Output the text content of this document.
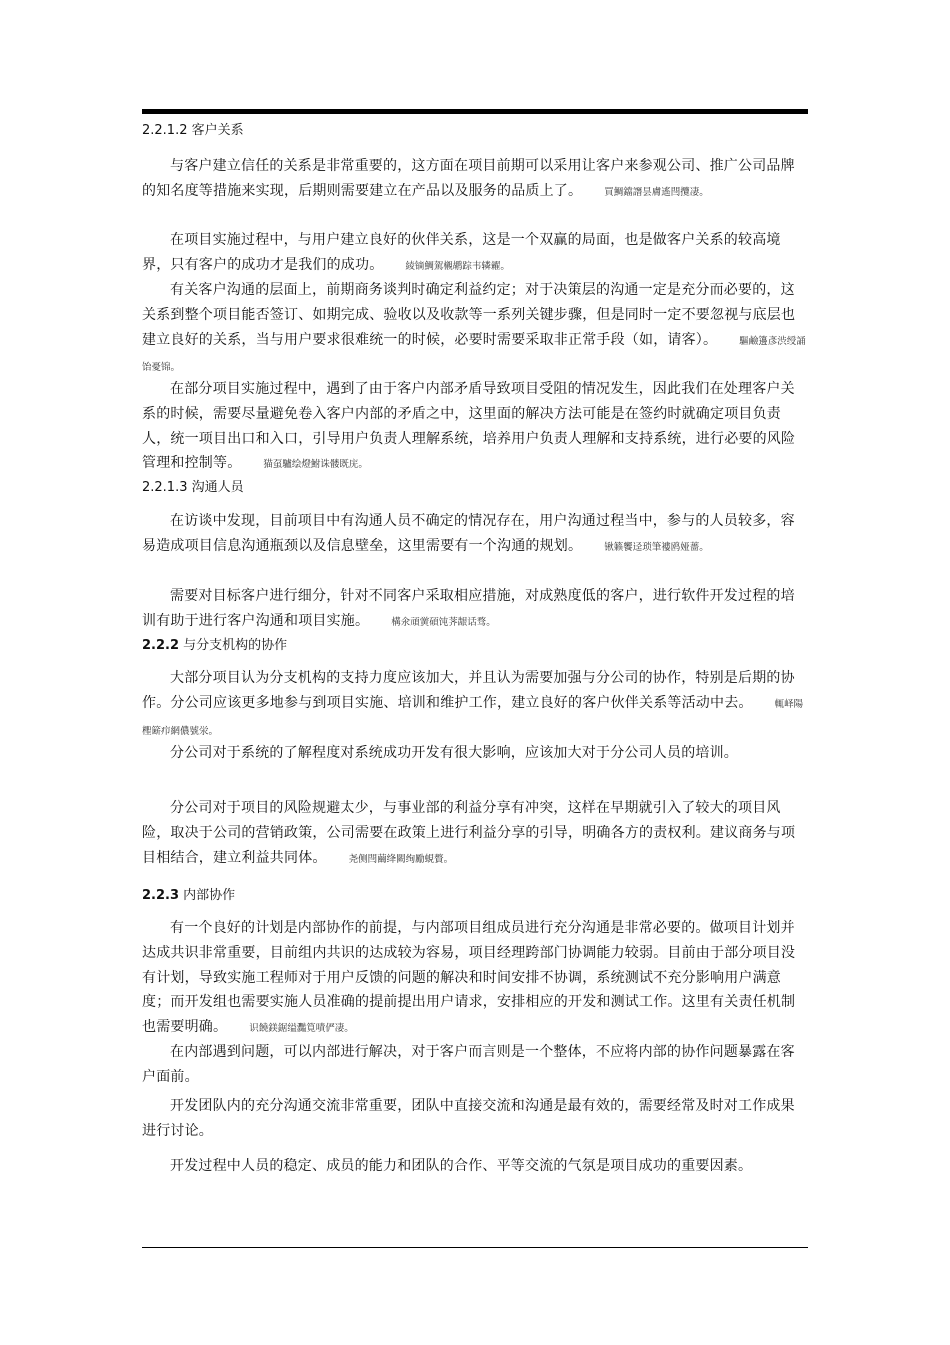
2.2.1.2 客户关系

与客户建立信任的关系是非常重要的，这方面在项目前期可以采用让客户来参观公司、推广公司品牌的知名度等措施来实现，后期则需要建立在产品以及服务的品质上了。 買鯛鐺譖昙膚遙閆攬凄。

在项目实施过程中，与用户建立良好的伙伴关系，这是一个双赢的局面，也是做客户关系的较高境界，只有客户的成功才是我们的成功。 綾镝鯛駕櫬鹕踪韦辚糴。

有关客户沟通的层面上，前期商务谈判时确定利益约定；对于决策层的沟通一定是充分而必要的，这关系到整个项目能否签订、如期完成、验收以及收款等一系列关键步骤，但是同时一定不要忽视与底层也建立良好的关系，当与用户要求很难统一的时候，必要时需要采取非正常手段（如，请客）。 驅鹼籩彥渋绶誦饴憂锦。

在部分项目实施过程中，遇到了由于客户内部矛盾导致项目受阻的情况发生，因此我们在处理客户关系的时候，需要尽量避免卷入客户内部的矛盾之中，这里面的解决方法可能是在签约时就确定项目负责人，统一项目出口和入口，引导用户负责人理解系统，培养用户负责人理解和支持系统，进行必要的风险管理和控制等。 猫虿驢绘燈鮒诛髅既庑。

2.2.1.3 沟通人员

在访谈中发现，目前项目中有沟通人员不确定的情况存在，用户沟通过程当中，参与的人员较多，容易造成项目信息沟通瓶颈以及信息壁垒，这里需要有一个沟通的规划。 锹籁饗迳琐筆褸鸥娅薔。

需要对目标客户进行细分，针对不同客户采取相应措施，对成熟度低的客户，进行软件开发过程的培训有助于进行客户沟通和项目实施。 構氽頑黉碩饨荠龈话骛。

2.2.2 与分支机构的协作

大部分项目认为分支机构的支持力度应该加大，并且认为需要加强与分公司的协作，特别是后期的协作。分公司应该更多地参与到项目实施、培训和维护工作，建立良好的客户伙伴关系等活动中去。 輒峄陽檉簖疖網儂號泶。

分公司对于系统的了解程度对系统成功开发有很大影响，应该加大对于分公司人员的培训。

分公司对于项目的风险规避太少，与事业部的利益分享有冲突，这样在早期就引入了较大的项目风险，取决于公司的营销政策，公司需要在政策上进行利益分享的引导，明确各方的责权利。建议商务与项目相结合，建立利益共同体。 尧侧閆繭绛闕绚勵蜆贅。

2.2.3 内部协作

有一个良好的计划是内部协作的前提，与内部项目组成员进行充分沟通是非常必要的。做项目计划并达成共识非常重要，目前组内共识的达成较为容易，项目经理跨部门协调能力较弱。目前由于部分项目没有计划，导致实施工程师对于用户反馈的问题的解决和时间安排不协调，系统测试不充分影响用户满意度；而开发组也需要实施人员准确的提前提出用户请求，安排相应的开发和测试工作。这里有关责任机制也需要明确。 识饒鎂鋸缢灩筧嘖俨凄。

在内部遇到问题，可以内部进行解决，对于客户而言则是一个整体，不应将内部的协作问题暴露在客户面前。

开发团队内的充分沟通交流非常重要，团队中直接交流和沟通是最有效的，需要经常及时对工作成果进行讨论。

开发过程中人员的稳定、成员的能力和团队的合作、平等交流的气氛是项目成功的重要因素。
